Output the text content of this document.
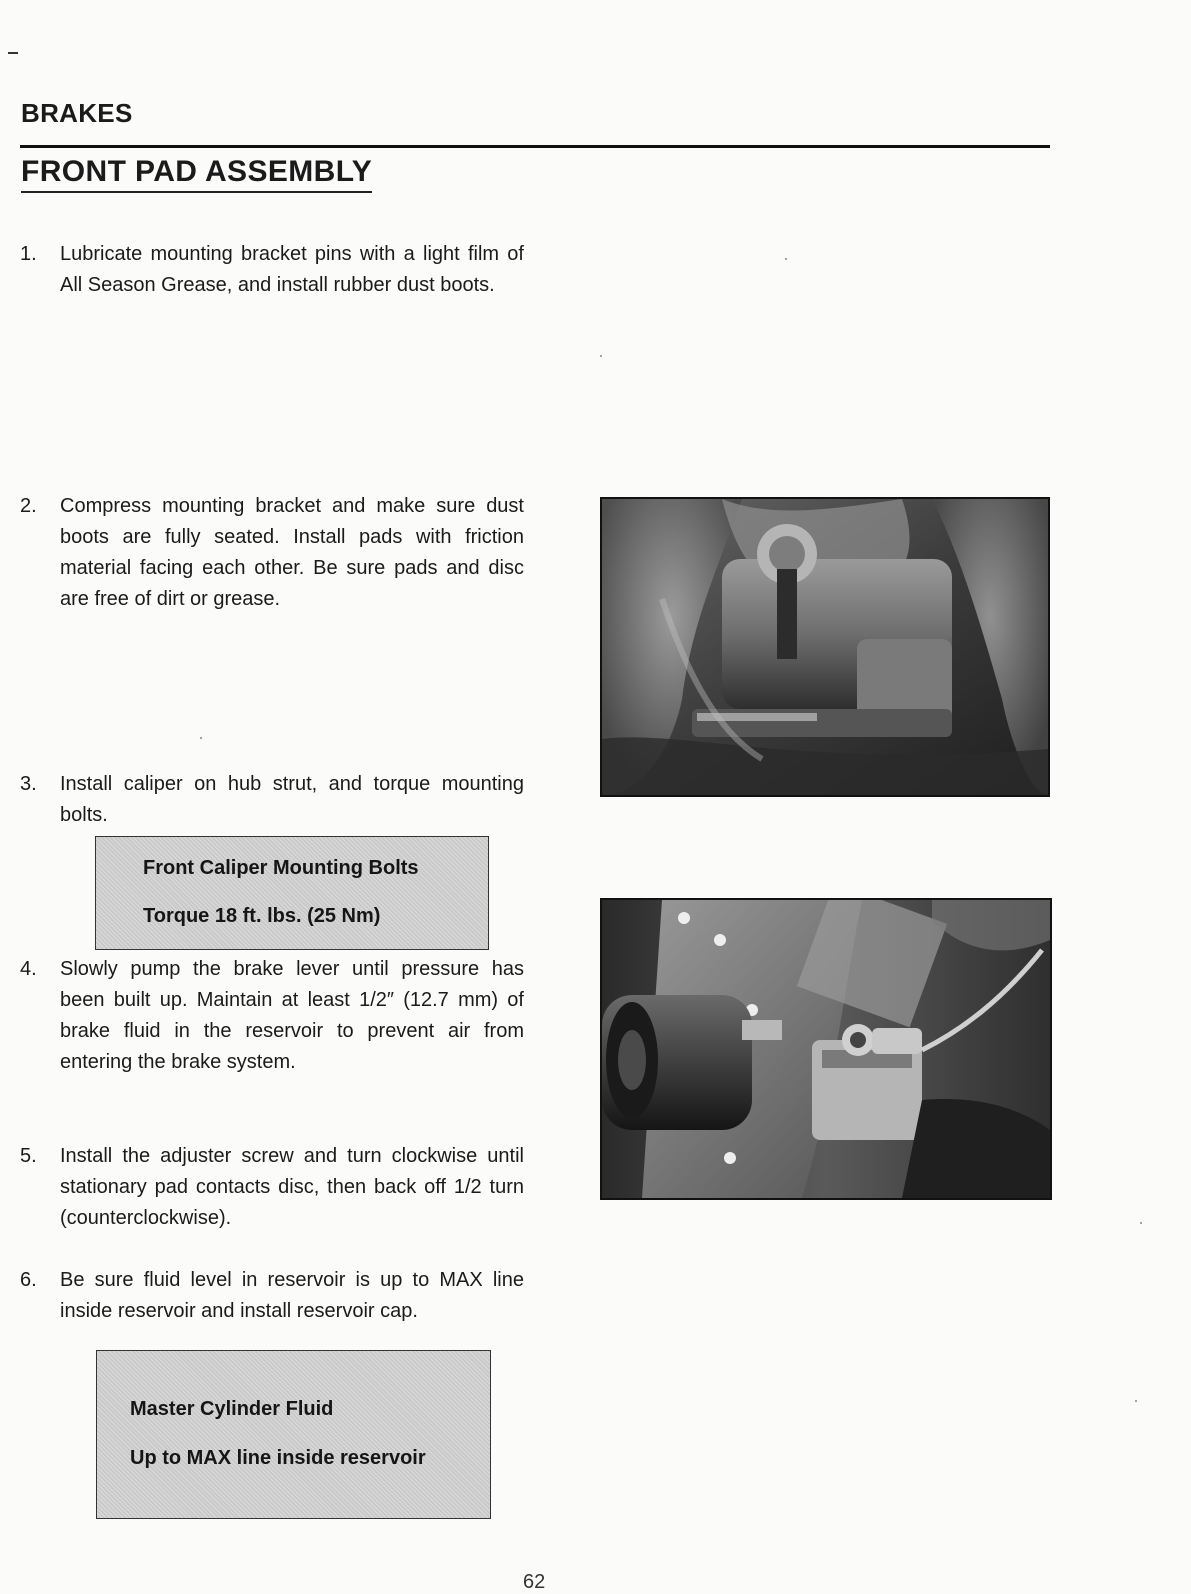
BRAKES
FRONT PAD ASSEMBLY
1. Lubricate mounting bracket pins with a light film of All Season Grease, and install rubber dust boots.
2. Compress mounting bracket and make sure dust boots are fully seated. Install pads with friction material facing each other. Be sure pads and disc are free of dirt or grease.
3. Install caliper on hub strut, and torque mounting bolts.
Front Caliper Mounting Bolts
Torque 18 ft. lbs. (25 Nm)
4. Slowly pump the brake lever until pressure has been built up. Maintain at least 1/2″ (12.7 mm) of brake fluid in the reservoir to prevent air from entering the brake system.
5. Install the adjuster screw and turn clockwise until stationary pad contacts disc, then back off 1/2 turn (counterclockwise).
6. Be sure fluid level in reservoir is up to MAX line inside reservoir and install reservoir cap.
Master Cylinder Fluid
Up to MAX line inside reservoir
62
